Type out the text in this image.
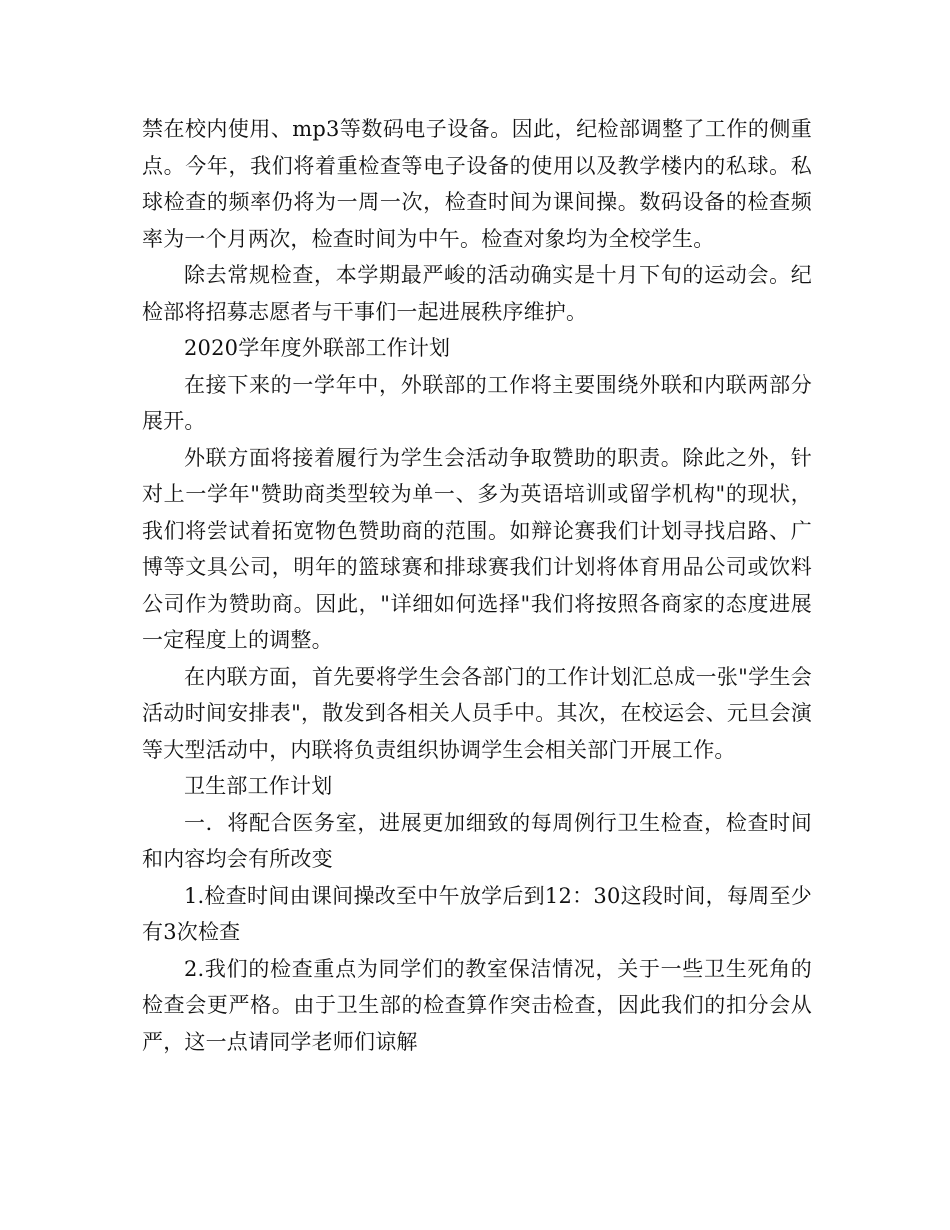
禁在校内使用、mp3等数码电子设备。因此，纪检部调整了工作的侧重点。今年，我们将着重检查等电子设备的使用以及教学楼内的私球。私球检查的频率仍将为一周一次，检查时间为课间操。数码设备的检查频率为一个月两次，检查时间为中午。检查对象均为全校学生。

除去常规检查，本学期最严峻的活动确实是十月下旬的运动会。纪检部将招募志愿者与干事们一起进展秩序维护。

2020学年度外联部工作计划

在接下来的一学年中，外联部的工作将主要围绕外联和内联两部分展开。

外联方面将接着履行为学生会活动争取赞助的职责。除此之外，针对上一学年"赞助商类型较为单一、多为英语培训或留学机构"的现状，我们将尝试着拓宽物色赞助商的范围。如辩论赛我们计划寻找启路、广博等文具公司，明年的篮球赛和排球赛我们计划将体育用品公司或饮料公司作为赞助商。因此，"详细如何选择"我们将按照各商家的态度进展一定程度上的调整。

在内联方面，首先要将学生会各部门的工作计划汇总成一张"学生会活动时间安排表"，散发到各相关人员手中。其次，在校运会、元旦会演等大型活动中，内联将负责组织协调学生会相关部门开展工作。

卫生部工作计划

一．将配合医务室，进展更加细致的每周例行卫生检查，检查时间和内容均会有所改变

1.检查时间由课间操改至中午放学后到12：30这段时间，每周至少有3次检查

2.我们的检查重点为同学们的教室保洁情况，关于一些卫生死角的检查会更严格。由于卫生部的检查算作突击检查，因此我们的扣分会从严，这一点请同学老师们谅解
